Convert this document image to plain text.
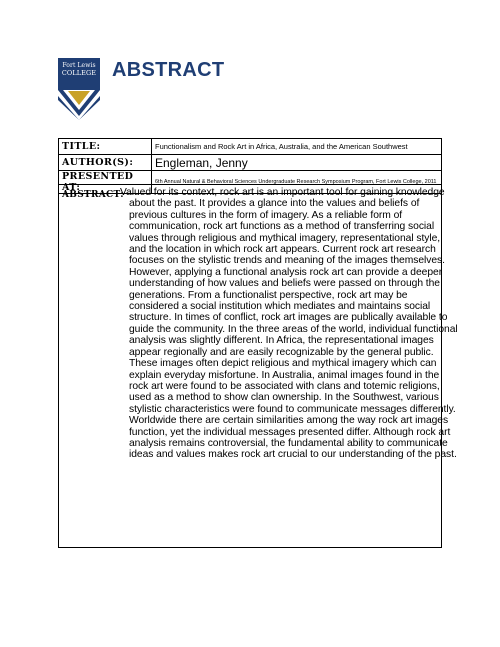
Fort Lewis
COLLEGE ABSTRACT
TITLE:	Functionalism and Rock Art in Africa, Australia, and the American Southwest
AUTHOR(S):	Engleman, Jenny
PRESENTED AT:	6th Annual Natural & Behavioral Sciences Undergraduate Research Symposium Program, Fort Lewis College, 2011
ABSTRACT:
Valued for its context, rock art is an important tool for gaining knowledge
about the past. It provides a glance into the values and beliefs of
previous cultures in the form of imagery. As a reliable form of
communication, rock art functions as a method of transferring social
values through religious and mythical imagery, representational style,
and the location in which rock art appears. Current rock art research
focuses on the stylistic trends and meaning of the images themselves.
However, applying a functional analysis rock art can provide a deeper
understanding of how values and beliefs were passed on through the
generations. From a functionalist perspective, rock art may be
considered a social institution which mediates and maintains social
structure. In times of conflict, rock art images are publically available to
guide the community. In the three areas of the world, individual functional
analysis was slightly different. In Africa, the representational images
appear regionally and are easily recognizable by the general public.
These images often depict religious and mythical imagery which can
explain everyday misfortune. In Australia, animal images found in the
rock art were found to be associated with clans and totemic religions,
used as a method to show clan ownership. In the Southwest, various
stylistic characteristics were found to communicate messages differently.
Worldwide there are certain similarities among the way rock art images
function, yet the individual messages presented differ. Although rock art
analysis remains controversial, the fundamental ability to communicate
ideas and values makes rock art crucial to our understanding of the past.
